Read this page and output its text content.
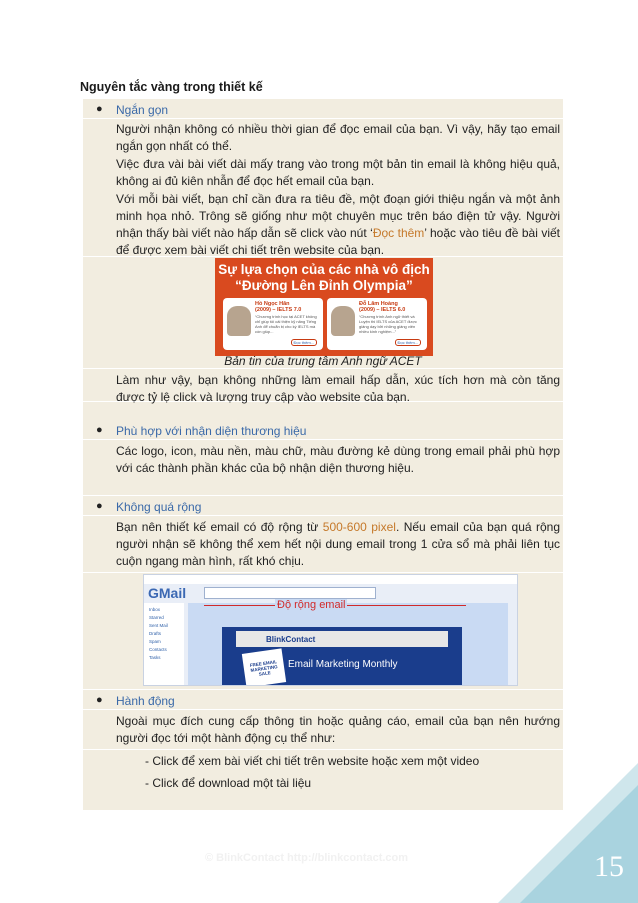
Nguyên tắc vàng trong thiết kế
● Ngắn gọn
Người nhận không có nhiều thời gian để đọc email của bạn. Vì vậy, hãy tạo email ngắn gọn nhất có thể.
Việc đưa vài bài viết dài mấy trang vào trong một bản tin email là không hiệu quả, không ai đủ kiên nhẫn để đọc hết email của bạn.
Với mỗi bài viết, bạn chỉ cần đưa ra tiêu đề, một đoạn giới thiệu ngắn và một ảnh minh họa nhỏ. Trông sẽ giống như một chuyên mục trên báo điện tử vậy. Người nhận thấy bài viết nào hấp dẫn sẽ click vào nút ‘Đọc thêm’ hoặc vào tiêu đề bài viết để được xem bài viết chi tiết trên website của bạn.
Sự lựa chọn của các nhà vô địch
“Đường Lên Đỉnh Olympia”
Hồ Ngọc Hân
(2009) – IELTS 7.0
“Chương trình học tại ACET không chỉ giúp tôi cải thiện kỹ năng Tiếng Anh để chuẩn bị cho kỳ IELTS mà còn giúp...
Đọc thêm...
Đỗ Lâm Hoàng
(2009) – IELTS 6.0
“Chương trình Anh ngữ thiết và Luyện thi IELTS của ACET được giảng dạy bởi những giảng viên nhiều kinh nghiệm...”
Đọc thêm...
Bản tin của trung tâm Anh ngữ ACET
Làm như vậy, bạn không những làm email hấp dẫn, xúc tích hơn mà còn tăng được tỷ lệ click và lượng truy cập vào website của bạn.
● Phù hợp với nhận diện thương hiệu
Các logo, icon, màu nền, màu chữ, màu đường kẻ dùng trong email phải phù hợp với các thành phần khác của bộ nhận diện thương hiệu.
● Không quá rộng
Bạn nên thiết kế email có độ rộng từ 500-600 pixel. Nếu email của bạn quá rộng người nhận sẽ không thể xem hết nội dung email trong 1 cửa sổ mà phải liên tục cuộn ngang màn hình, rất khó chịu.
GMail
Inbox
Starred
Sent Mail
Drafts
Spam
Contacts
Tasks
BlinkContact
FREE EMAIL MARKETING SALE
Email Marketing Monthly
Độ rộng email
● Hành động
Ngoài mục đích cung cấp thông tin hoặc quảng cáo, email của bạn nên hướng người đọc tới một hành động cụ thể như:
- Click để xem bài viết chi tiết trên website hoặc xem một video
- Click để download một tài liệu
© BlinkContact http://blinkcontact.com	15
